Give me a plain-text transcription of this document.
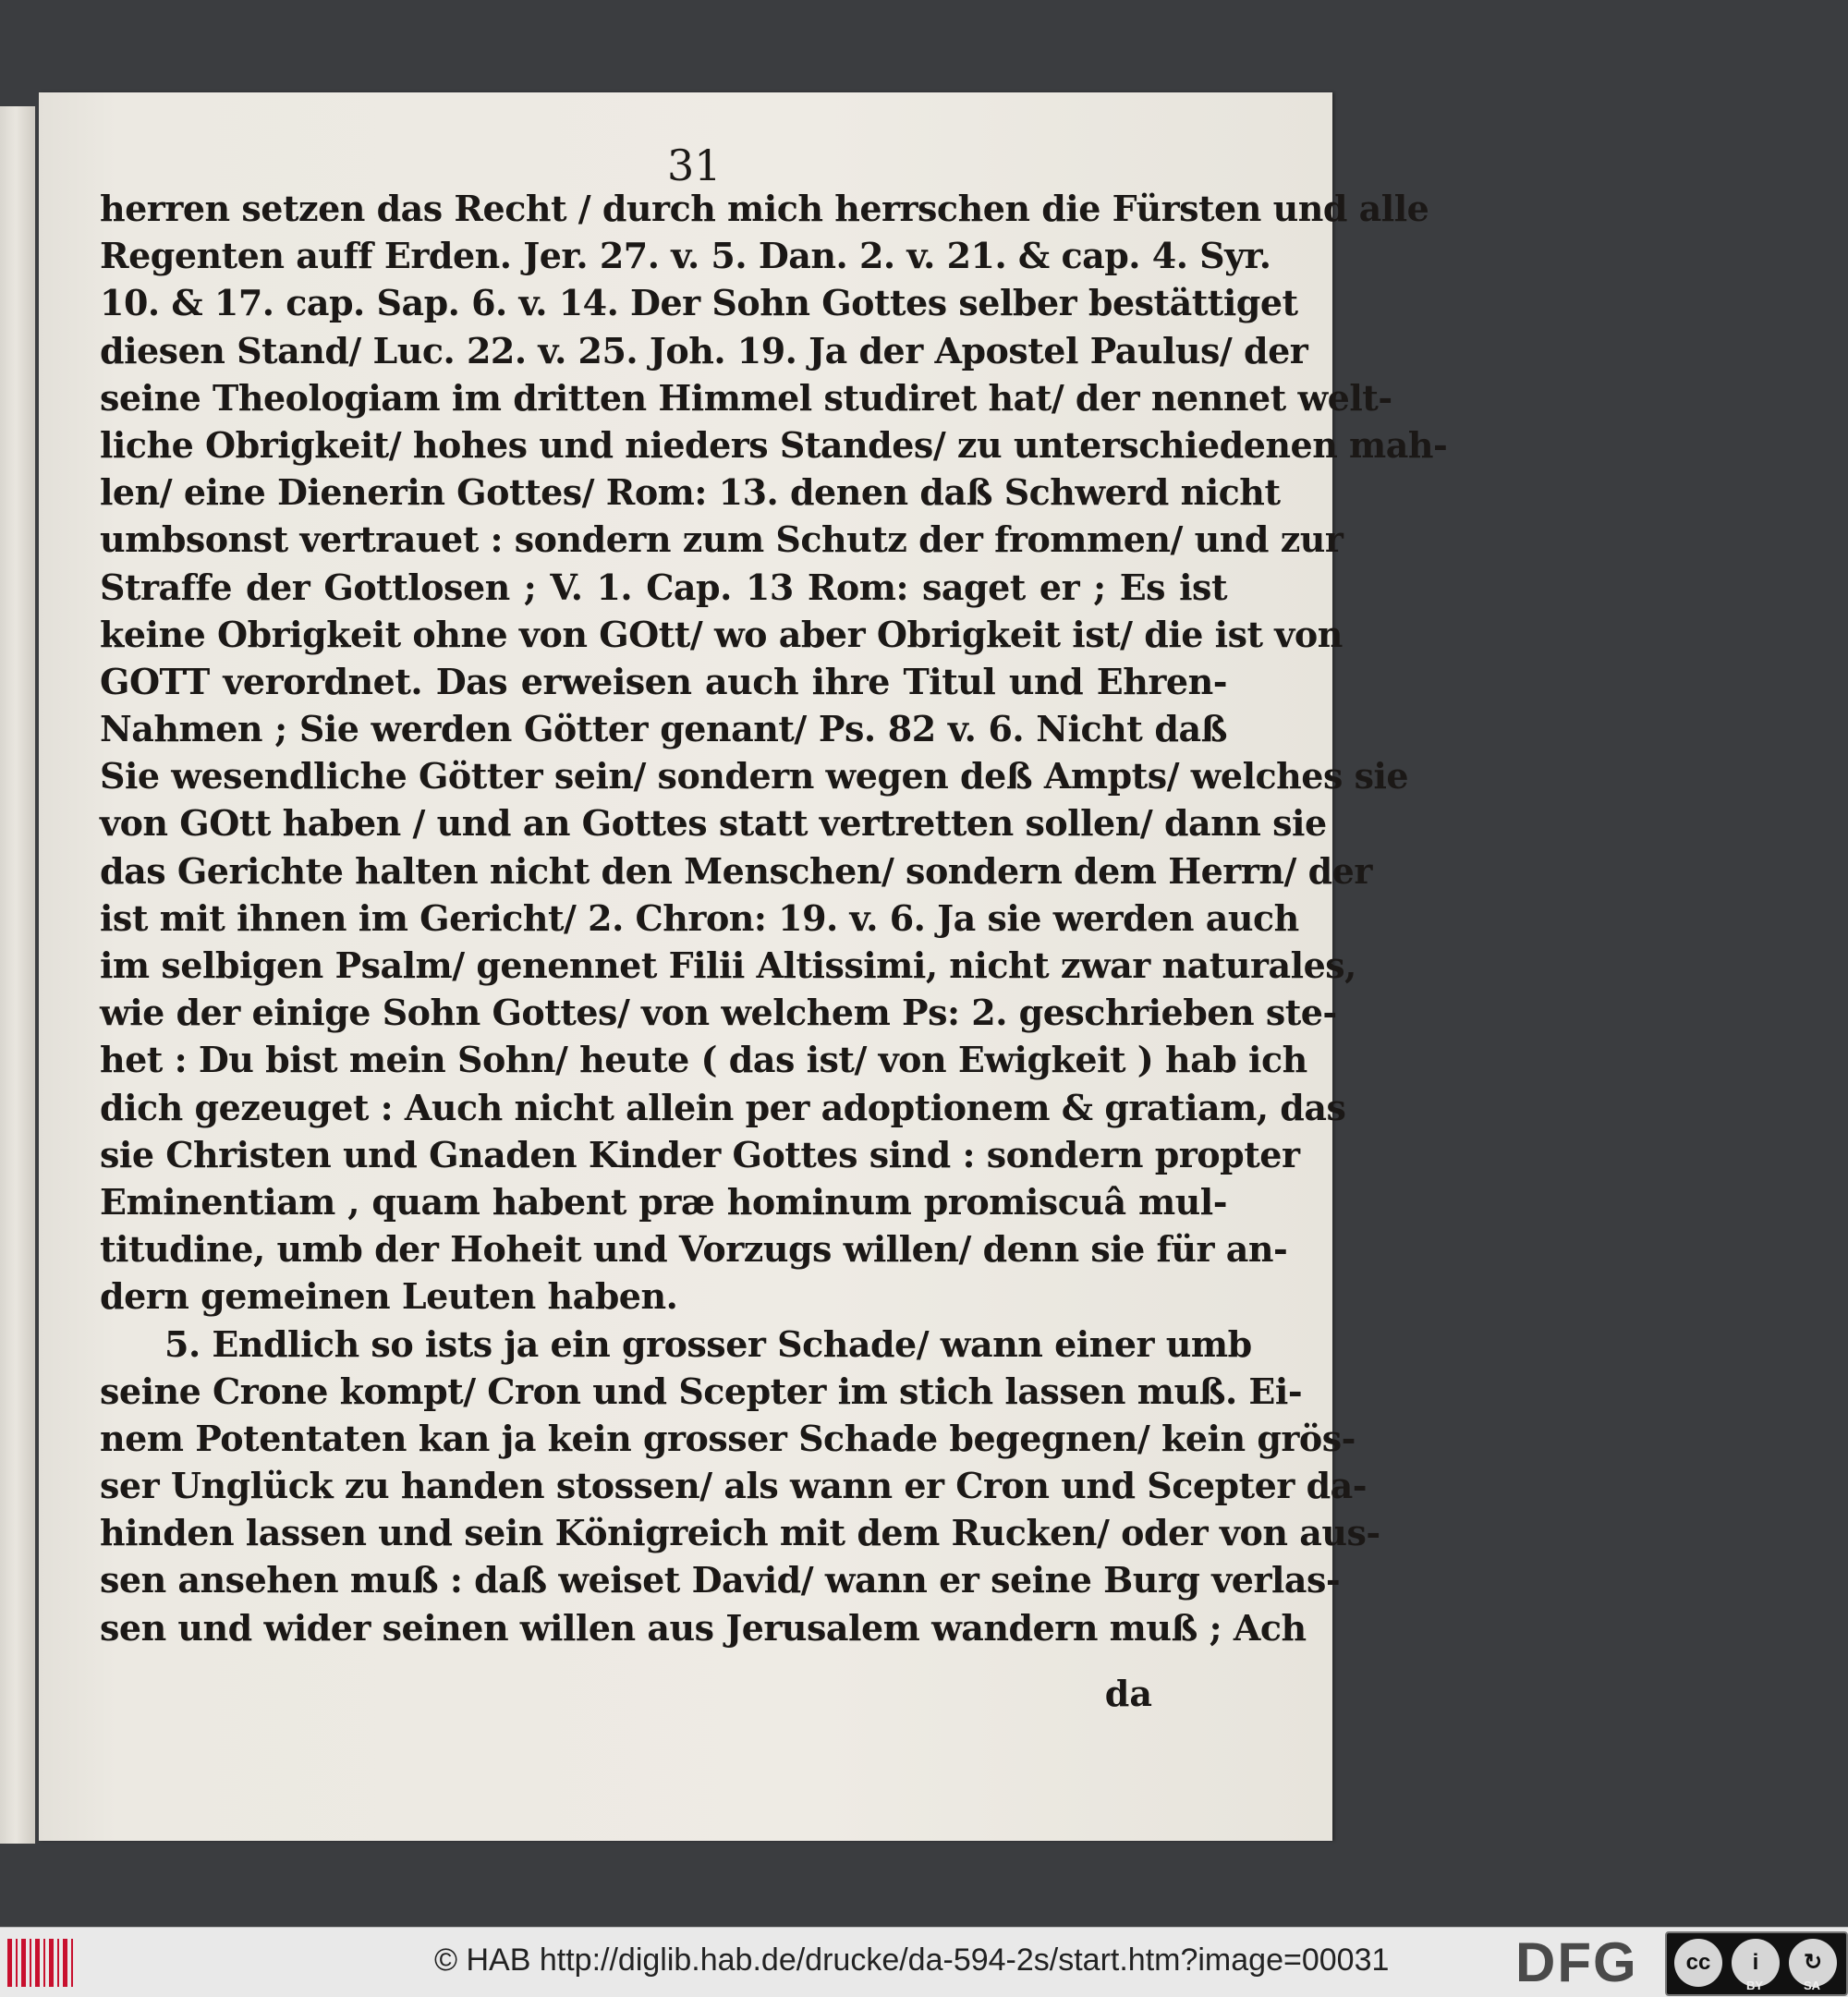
31
herren setzen das Recht / durch mich herrschen die Fürsten und alle
Regenten auff Erden. Jer. 27. v. 5. Dan. 2. v. 21. & cap. 4. Syr.
10. & 17. cap. Sap. 6. v. 14. Der Sohn Gottes selber bestättiget
diesen Stand/ Luc. 22. v. 25. Joh. 19. Ja der Apostel Paulus/ der
seine Theologiam im dritten Himmel studiret hat/ der nennet welt-
liche Obrigkeit/ hohes und nieders Standes/ zu unterschiedenen mah-
len/ eine Dienerin Gottes/ Rom: 13. denen daß Schwerd nicht
umbsonst vertrauet : sondern zum Schutz der frommen/ und zur
Straffe der Gottlosen ; V. 1. Cap. 13 Rom: saget er ; Es ist
keine Obrigkeit ohne von GOtt/ wo aber Obrigkeit ist/ die ist von
GOTT verordnet. Das erweisen auch ihre Titul und Ehren-
Nahmen ; Sie werden Götter genant/ Ps. 82 v. 6. Nicht daß
Sie wesendliche Götter sein/ sondern wegen deß Ampts/ welches sie
von GOtt haben / und an Gottes statt vertretten sollen/ dann sie
das Gerichte halten nicht den Menschen/ sondern dem Herrn/ der
ist mit ihnen im Gericht/ 2. Chron: 19. v. 6. Ja sie werden auch
im selbigen Psalm/ genennet Filii Altissimi, nicht zwar naturales,
wie der einige Sohn Gottes/ von welchem Ps: 2. geschrieben ste-
het : Du bist mein Sohn/ heute ( das ist/ von Ewigkeit ) hab ich
dich gezeuget : Auch nicht allein per adoptionem & gratiam, das
sie Christen und Gnaden Kinder Gottes sind : sondern propter
Eminentiam , quam habent præ hominum promiscuâ mul-
titudine, umb der Hoheit und Vorzugs willen/ denn sie für an-
dern gemeinen Leuten haben.
5. Endlich so ists ja ein grosser Schade/ wann einer umb
seine Crone kompt/ Cron und Scepter im stich lassen muß. Ei-
nem Potentaten kan ja kein grosser Schade begegnen/ kein grös-
ser Unglück zu handen stossen/ als wann er Cron und Scepter da-
hinden lassen und sein Königreich mit dem Rucken/ oder von aus-
sen ansehen muß : daß weiset David/ wann er seine Burg verlas-
sen und wider seinen willen aus Jerusalem wandern muß ; Ach
da
© HAB http://diglib.hab.de/drucke/da-594-2s/start.htm?image=00031 DFG	cc	i
BY
↻
SA
